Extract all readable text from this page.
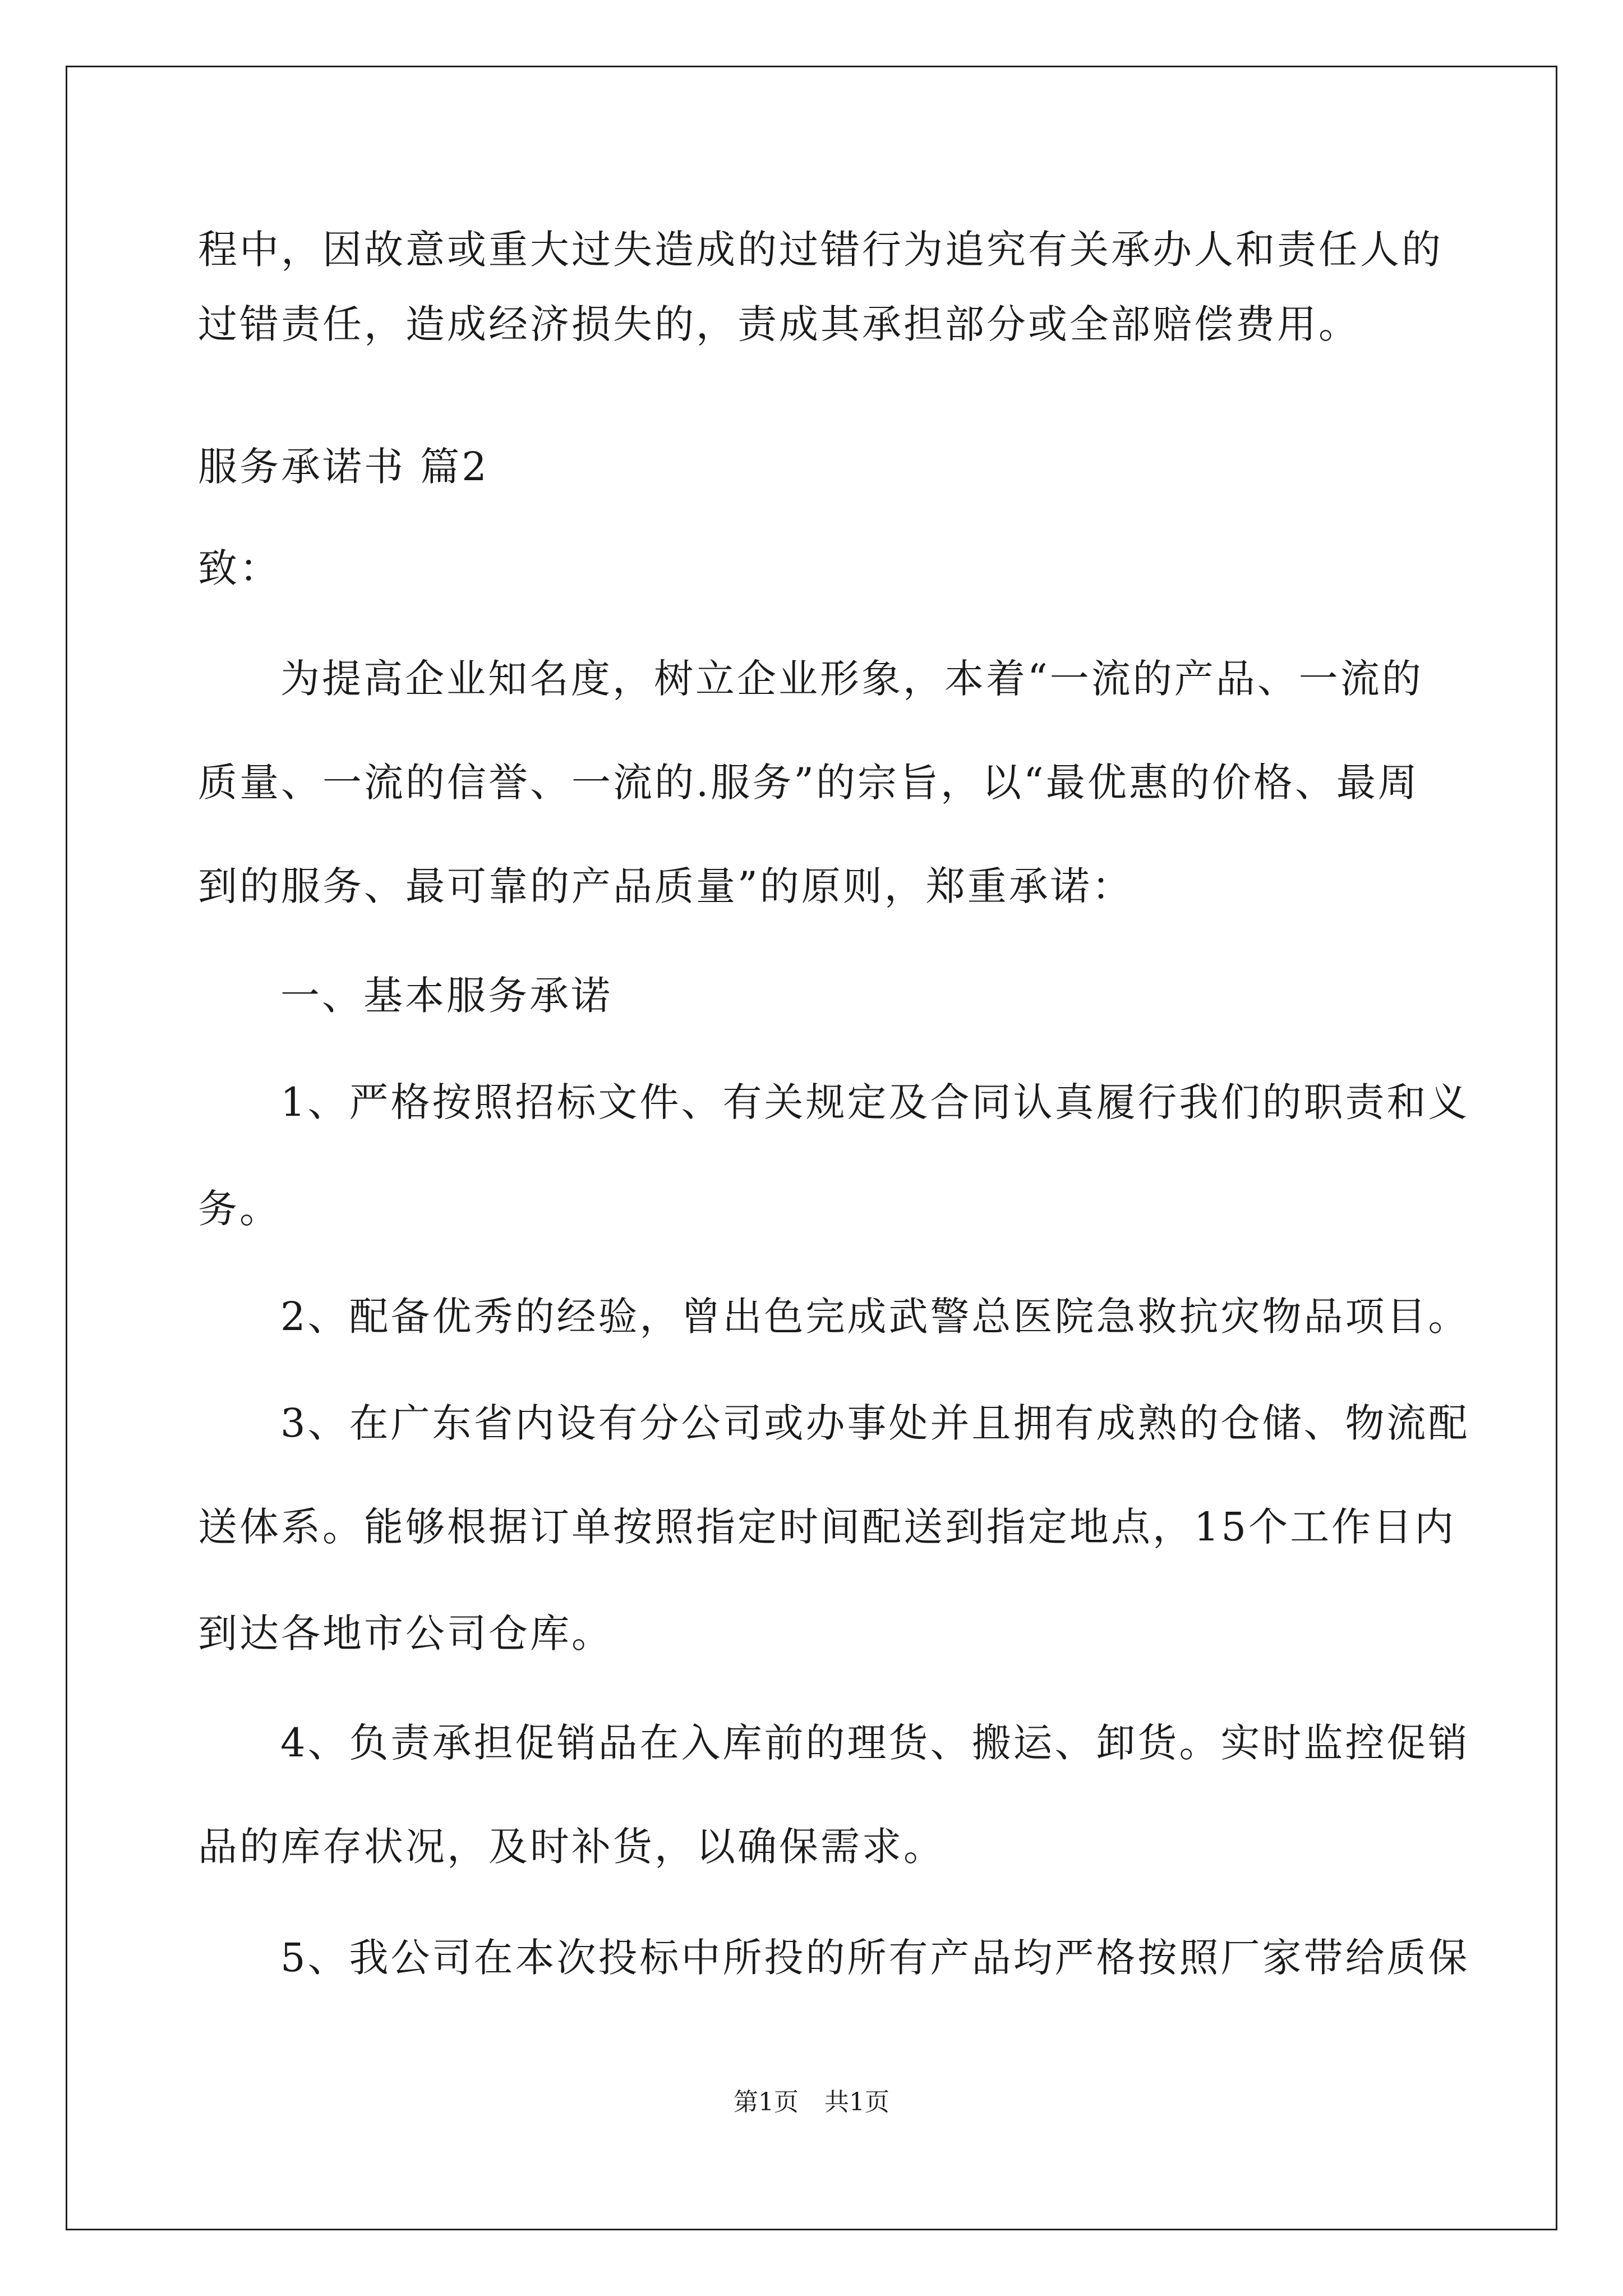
程中，因故意或重大过失造成的过错行为追究有关承办人和责任人的
过错责任，造成经济损失的，责成其承担部分或全部赔偿费用。
服务承诺书 篇2
致：
为提高企业知名度，树立企业形象，本着“一流的产品、一流的
质量、一流的信誉、一流的.服务”的宗旨，以“最优惠的价格、最周
到的服务、最可靠的产品质量”的原则，郑重承诺：
一、基本服务承诺
1、严格按照招标文件、有关规定及合同认真履行我们的职责和义
务。
2、配备优秀的经验，曾出色完成武警总医院急救抗灾物品项目。
3、在广东省内设有分公司或办事处并且拥有成熟的仓储、物流配
送体系。能够根据订单按照指定时间配送到指定地点，15个工作日内
到达各地市公司仓库。
4、负责承担促销品在入库前的理货、搬运、卸货。实时监控促销
品的库存状况，及时补货，以确保需求。
5、我公司在本次投标中所投的所有产品均严格按照厂家带给质保
第1页 共1页
